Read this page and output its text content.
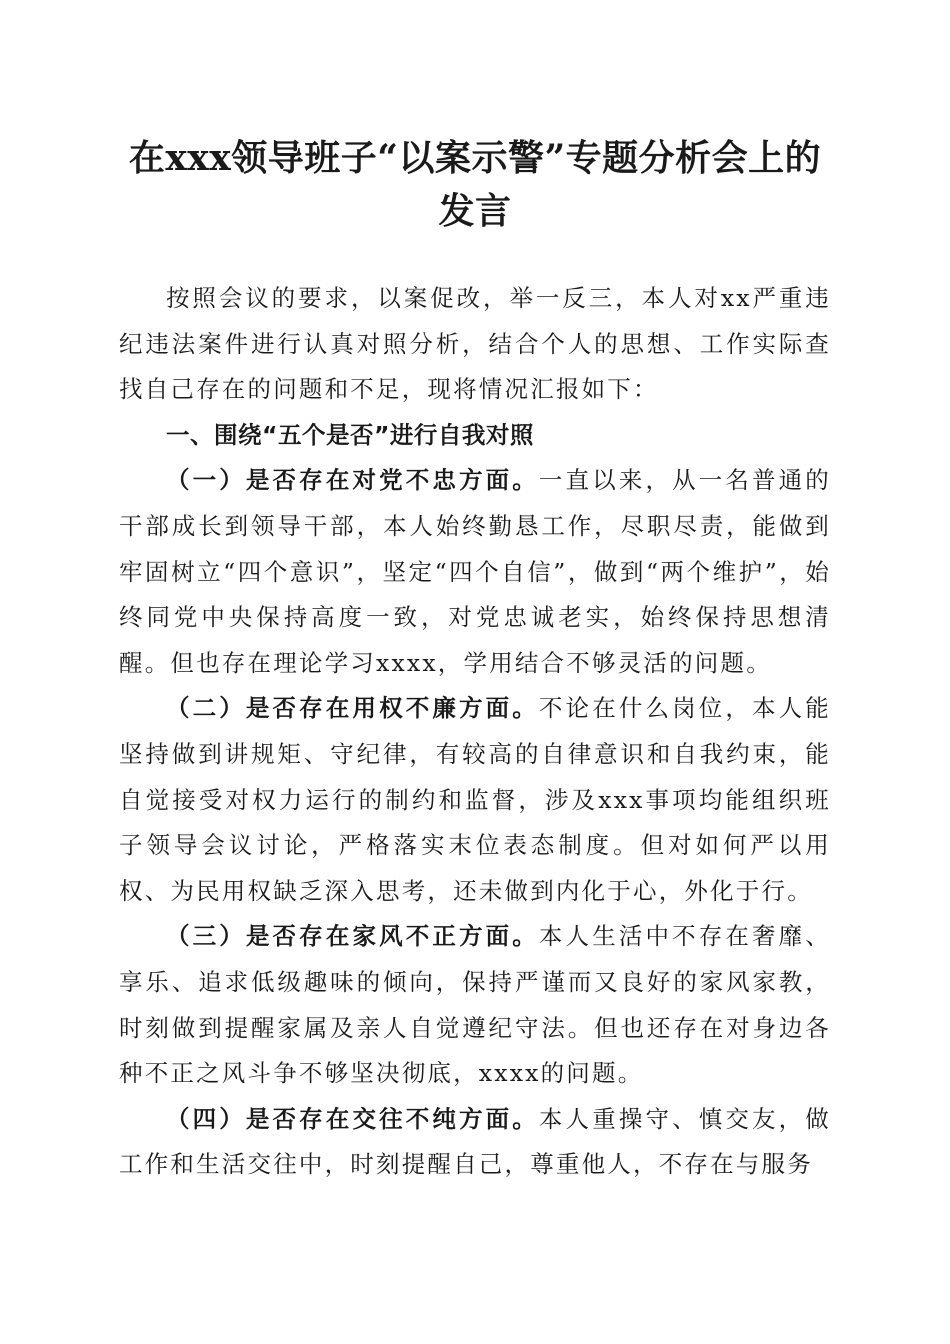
在xxx领导班子“以案示警”专题分析会上的
发言

按照会议的要求，以案促改，举一反三，本人对xx严重违纪违法案件进行认真对照分析，结合个人的思想、工作实际查找自己存在的问题和不足，现将情况汇报如下：

一、围绕“五个是否”进行自我对照

（一）是否存在对党不忠方面。一直以来，从一名普通的干部成长到领导干部，本人始终勤恳工作，尽职尽责，能做到牢固树立“四个意识”，坚定“四个自信”，做到“两个维护”，始终同党中央保持高度一致，对党忠诚老实，始终保持思想清醒。但也存在理论学习xxxx，学用结合不够灵活的问题。

（二）是否存在用权不廉方面。不论在什么岗位，本人能坚持做到讲规矩、守纪律，有较高的自律意识和自我约束，能自觉接受对权力运行的制约和监督，涉及xxx事项均能组织班子领导会议讨论，严格落实末位表态制度。但对如何严以用权、为民用权缺乏深入思考，还未做到内化于心，外化于行。

（三）是否存在家风不正方面。本人生活中不存在奢靡、享乐、追求低级趣味的倾向，保持严谨而又良好的家风家教，时刻做到提醒家属及亲人自觉遵纪守法。但也还存在对身边各种不正之风斗争不够坚决彻底，xxxx的问题。

（四）是否存在交往不纯方面。本人重操守、慎交友，做工作和生活交往中，时刻提醒自己，尊重他人，不存在与服务
